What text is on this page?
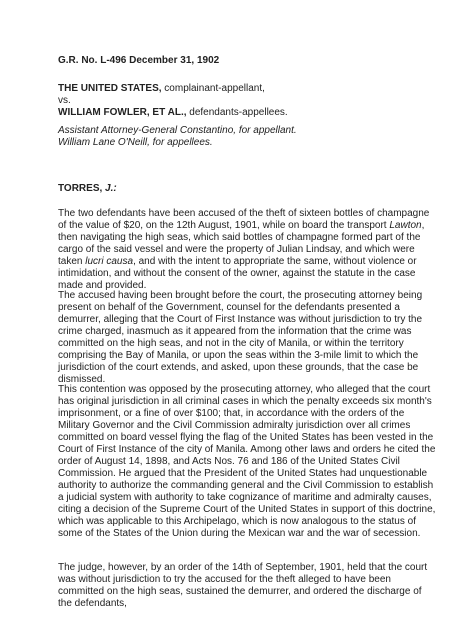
G.R. No. L-496 December 31, 1902

THE UNITED STATES, complainant-appellant,

vs.

WILLIAM FOWLER, ET AL., defendants-appellees.

Assistant Attorney-General Constantino, for appellant.

William Lane O'Neill, for appellees.

TORRES, J.:

The two defendants have been accused of the theft of sixteen bottles of champagne of the value of $20, on the 12th August, 1901, while on board the transport Lawton, then navigating the high seas, which said bottles of champagne formed part of the cargo of the said vessel and were the property of Julian Lindsay, and which were taken lucri causa, and with the intent to appropriate the same, without violence or intimidation, and without the consent of the owner, against the statute in the case made and provided.

The accused having been brought before the court, the prosecuting attorney being present on behalf of the Government, counsel for the defendants presented a demurrer, alleging that the Court of First Instance was without jurisdiction to try the crime charged, inasmuch as it appeared from the information that the crime was committed on the high seas, and not in the city of Manila, or within the territory comprising the Bay of Manila, or upon the seas within the 3-mile limit to which the jurisdiction of the court extends, and asked, upon these grounds, that the case be dismissed.

This contention was opposed by the prosecuting attorney, who alleged that the court has original jurisdiction in all criminal cases in which the penalty exceeds six month's imprisonment, or a fine of over $100; that, in accordance with the orders of the Military Governor and the Civil Commission admiralty jurisdiction over all crimes committed on board vessel flying the flag of the United States has been vested in the Court of First Instance of the city of Manila. Among other laws and orders he cited the order of August 14, 1898, and Acts Nos. 76 and 186 of the United States Civil Commission. He argued that the President of the United States had unquestionable authority to authorize the commanding general and the Civil Commission to establish a judicial system with authority to take cognizance of maritime and admiralty causes, citing a decision of the Supreme Court of the United States in support of this doctrine, which was applicable to this Archipelago, which is now analogous to the status of some of the States of the Union during the Mexican war and the war of secession.

The judge, however, by an order of the 14th of September, 1901, held that the court was without jurisdiction to try the accused for the theft alleged to have been committed on the high seas, sustained the demurrer, and ordered the discharge of the defendants,
